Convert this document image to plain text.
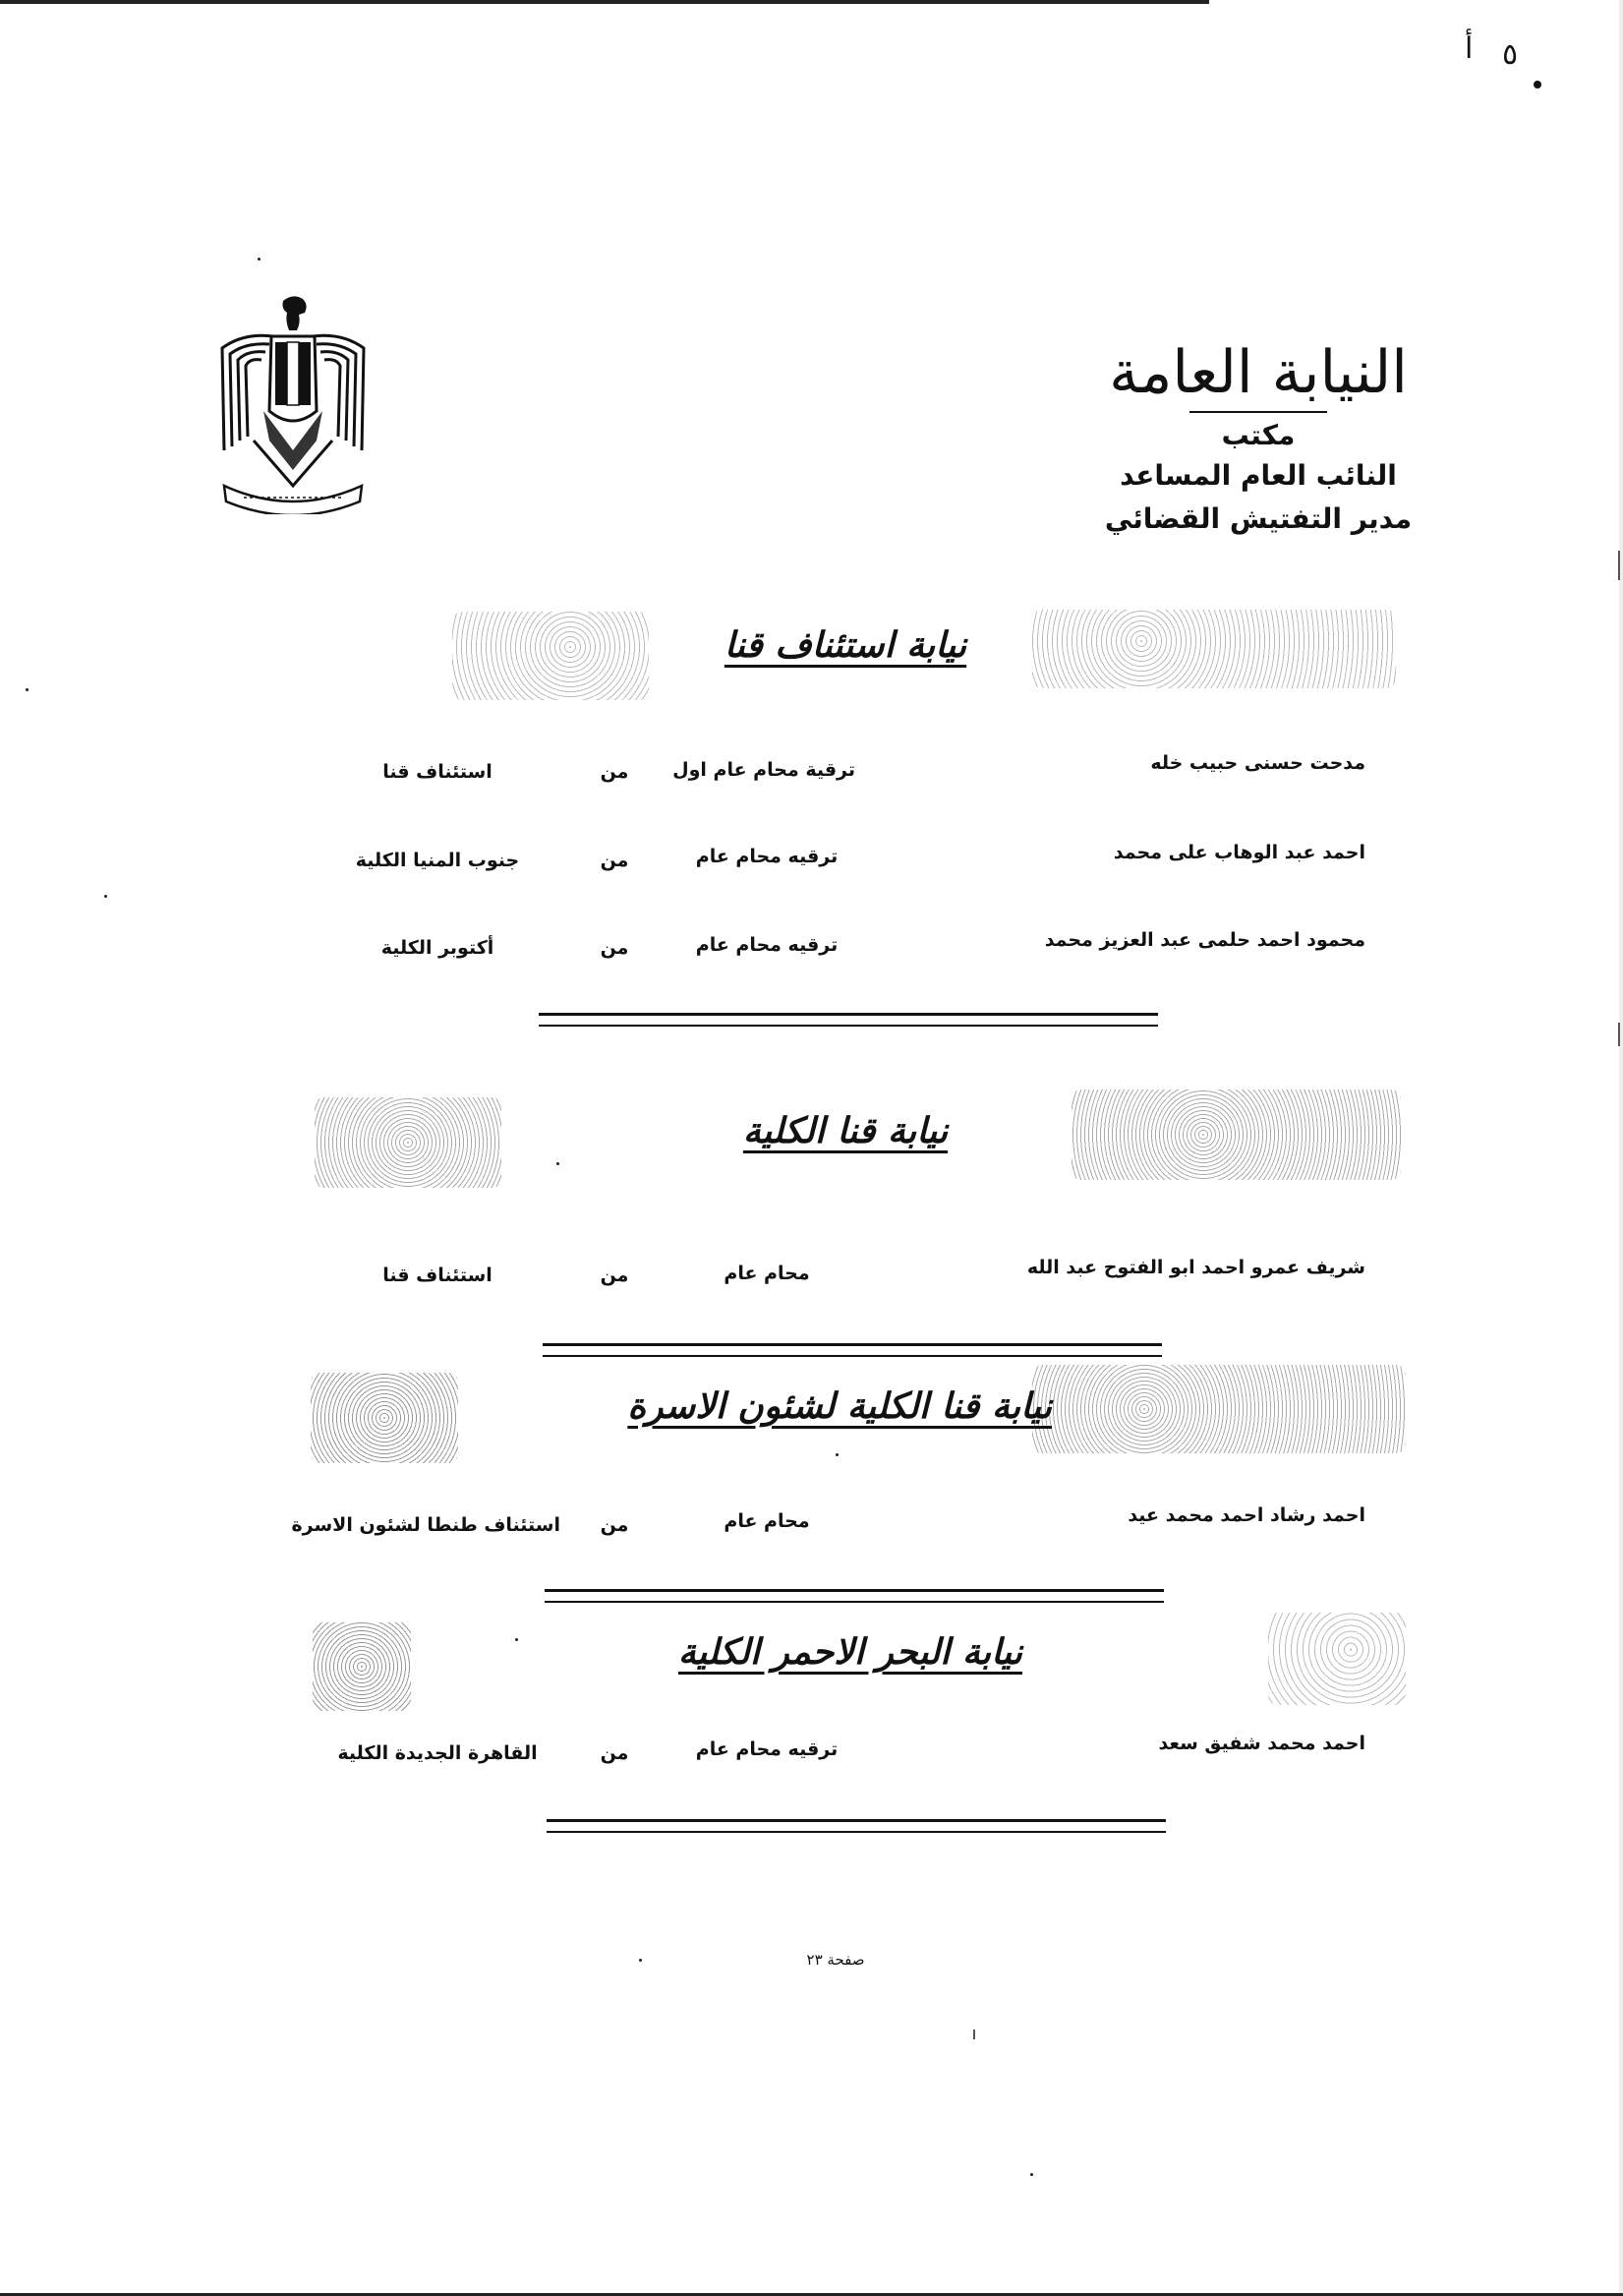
أ ٥
النيابة العامة
مكتب
النائب العام المساعد
مدير التفتيش القضائي
نيابة استئناف قنا
مدحت حسنى حبيب خله
ترقية محام عام اول
من
استئناف قنا
احمد عبد الوهاب على محمد
ترقيه محام عام
من
جنوب المنيا الكلية
محمود احمد حلمى عبد العزيز محمد
ترقيه محام عام
من
أكتوبر الكلية
نيابة قنا الكلية
شريف عمرو احمد ابو الفتوح عبد الله
محام عام
من
استئناف قنا
نيابة قنا الكلية لشئون الاسرة
احمد رشاد احمد محمد عيد
محام عام
من
استئناف طنطا لشئون الاسرة
نيابة البحر الاحمر الكلية
احمد محمد شفيق سعد
ترقيه محام عام
من
القاهرة الجديدة الكلية
صفحة ٢٣
